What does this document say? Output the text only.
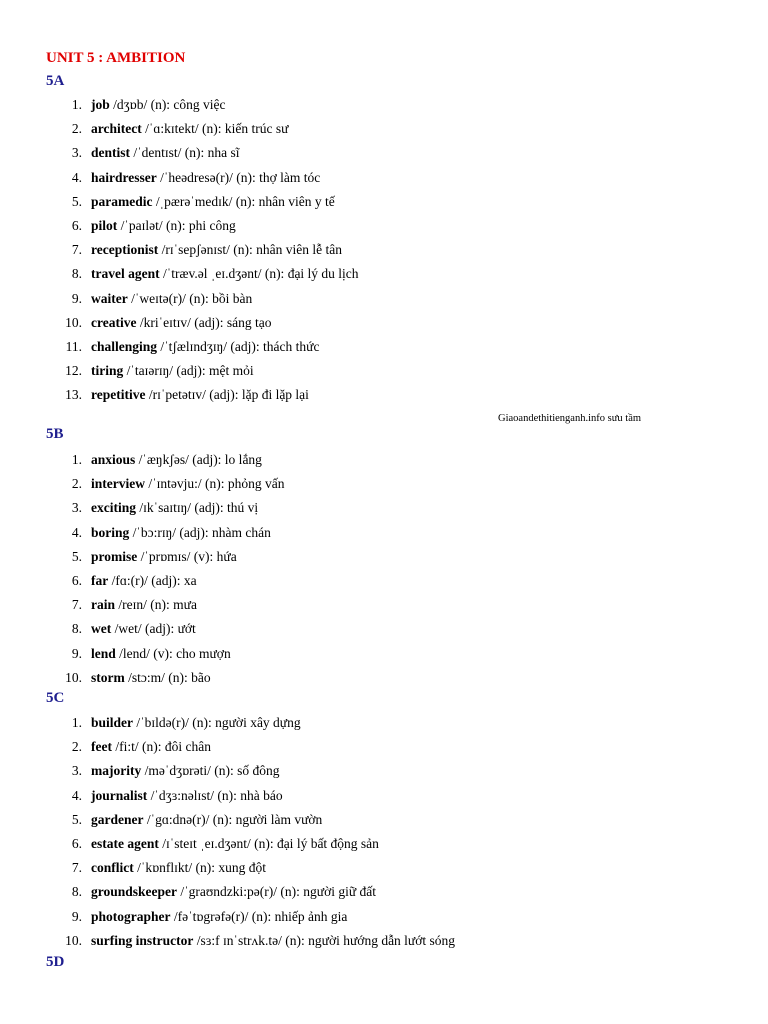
UNIT 5 : AMBITION
5A
1. job /dʒɒb/ (n): công việc
2. architect /ˈɑ:kɪtekt/ (n): kiến trúc sư
3. dentist /ˈdentɪst/ (n): nha sĩ
4. hairdresser /ˈheədresə(r)/ (n): thợ làm tóc
5. paramedic /ˌpærəˈmedɪk/ (n): nhân viên y tế
6. pilot /ˈpaɪlət/ (n): phi công
7. receptionist /rɪˈsepʃənɪst/ (n): nhân viên lễ tân
8. travel agent /ˈtræv.əl ˌeɪ.dʒənt/ (n): đại lý du lịch
9. waiter /ˈweɪtə(r)/ (n): bồi bàn
10. creative /kriˈeɪtɪv/ (adj): sáng tạo
11. challenging /ˈtʃælɪndʒɪŋ/ (adj): thách thức
12. tiring /ˈtaɪərɪŋ/ (adj): mệt mỏi
13. repetitive /rɪˈpetətɪv/ (adj): lặp đi lặp lại
Giaoandethitienganh.info sưu tầm
5B
1. anxious /ˈæŋkʃəs/ (adj): lo lắng
2. interview /ˈɪntəvju:/ (n): phỏng vấn
3. exciting /ɪkˈsaɪtɪŋ/ (adj): thú vị
4. boring /ˈbɔ:rɪŋ/ (adj): nhàm chán
5. promise /ˈprɒmɪs/ (v): hứa
6. far /fɑ:(r)/ (adj): xa
7. rain /reɪn/ (n): mưa
8. wet /wet/ (adj): ướt
9. lend /lend/ (v): cho mượn
10. storm /stɔ:m/ (n): bão
5C
1. builder /ˈbɪldə(r)/ (n): người xây dựng
2. feet /fi:t/ (n): đôi chân
3. majority /məˈdʒɒrəti/ (n): số đông
4. journalist /ˈdʒɜ:nəlɪst/ (n): nhà báo
5. gardener /ˈgɑ:dnə(r)/ (n): người làm vườn
6. estate agent /ɪˈsteɪt ˌeɪ.dʒənt/ (n): đại lý bất động sản
7. conflict /ˈkɒnflɪkt/ (n): xung đột
8. groundskeeper /ˈgraʊndzki:pə(r)/ (n): người giữ đất
9. photographer /fəˈtɒgrəfə(r)/ (n): nhiếp ảnh gia
10. surfing instructor /sɜ:f ɪnˈstrʌk.tə/ (n): người hướng dẫn lướt sóng
5D
